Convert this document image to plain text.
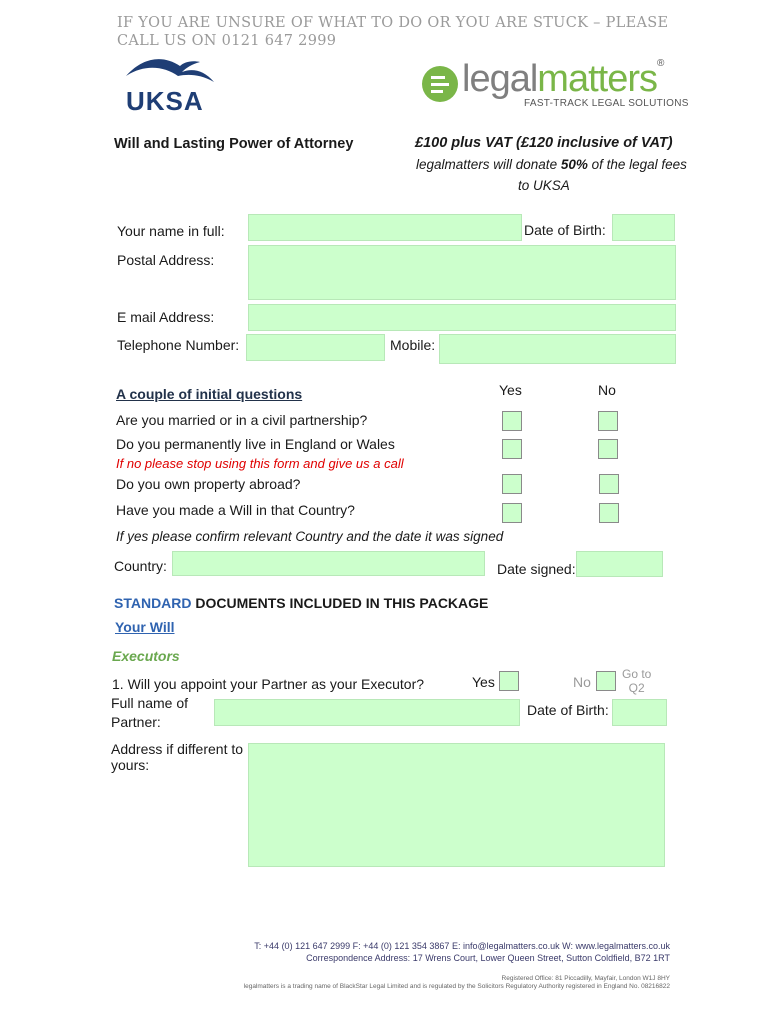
IF YOU ARE UNSURE OF WHAT TO DO OR YOU ARE STUCK – PLEASE CALL US ON 0121 647 2999
UKSA
legalmatters®
FAST-TRACK LEGAL SOLUTIONS
Will and Lasting Power of Attorney	£100 plus VAT (£120 inclusive of VAT)
legalmatters will donate 50% of the legal fees
to UKSA
Your name in full:	Date of Birth:
Postal Address:
E mail Address:
Telephone Number:	Mobile:
A couple of initial questions	Yes	No
Are you married or in a civil partnership?
Do you permanently live in England or Wales
If no please stop using this form and give us a call
Do you own property abroad?
Have you made a Will in that Country?
If yes please confirm relevant Country and the date it was signed
Country:	Date signed:
STANDARD DOCUMENTS INCLUDED IN THIS PACKAGE
Your Will
Executors
1. Will you appoint your Partner as your Executor?	Yes	No	Go to
Q2
Full name of
Partner:
Date of Birth:
Address if different to
yours:
T: +44 (0) 121 647 2999 F: +44 (0) 121 354 3867 E: info@legalmatters.co.uk W: www.legalmatters.co.uk
Correspondence Address: 17 Wrens Court, Lower Queen Street, Sutton Coldfield, B72 1RT
Registered Office: 81 Piccadilly, Mayfair, London W1J 8HY
legalmatters is a trading name of BlackStar Legal Limited and is regulated by the Solicitors Regulatory Authority registered in England No. 08216822
